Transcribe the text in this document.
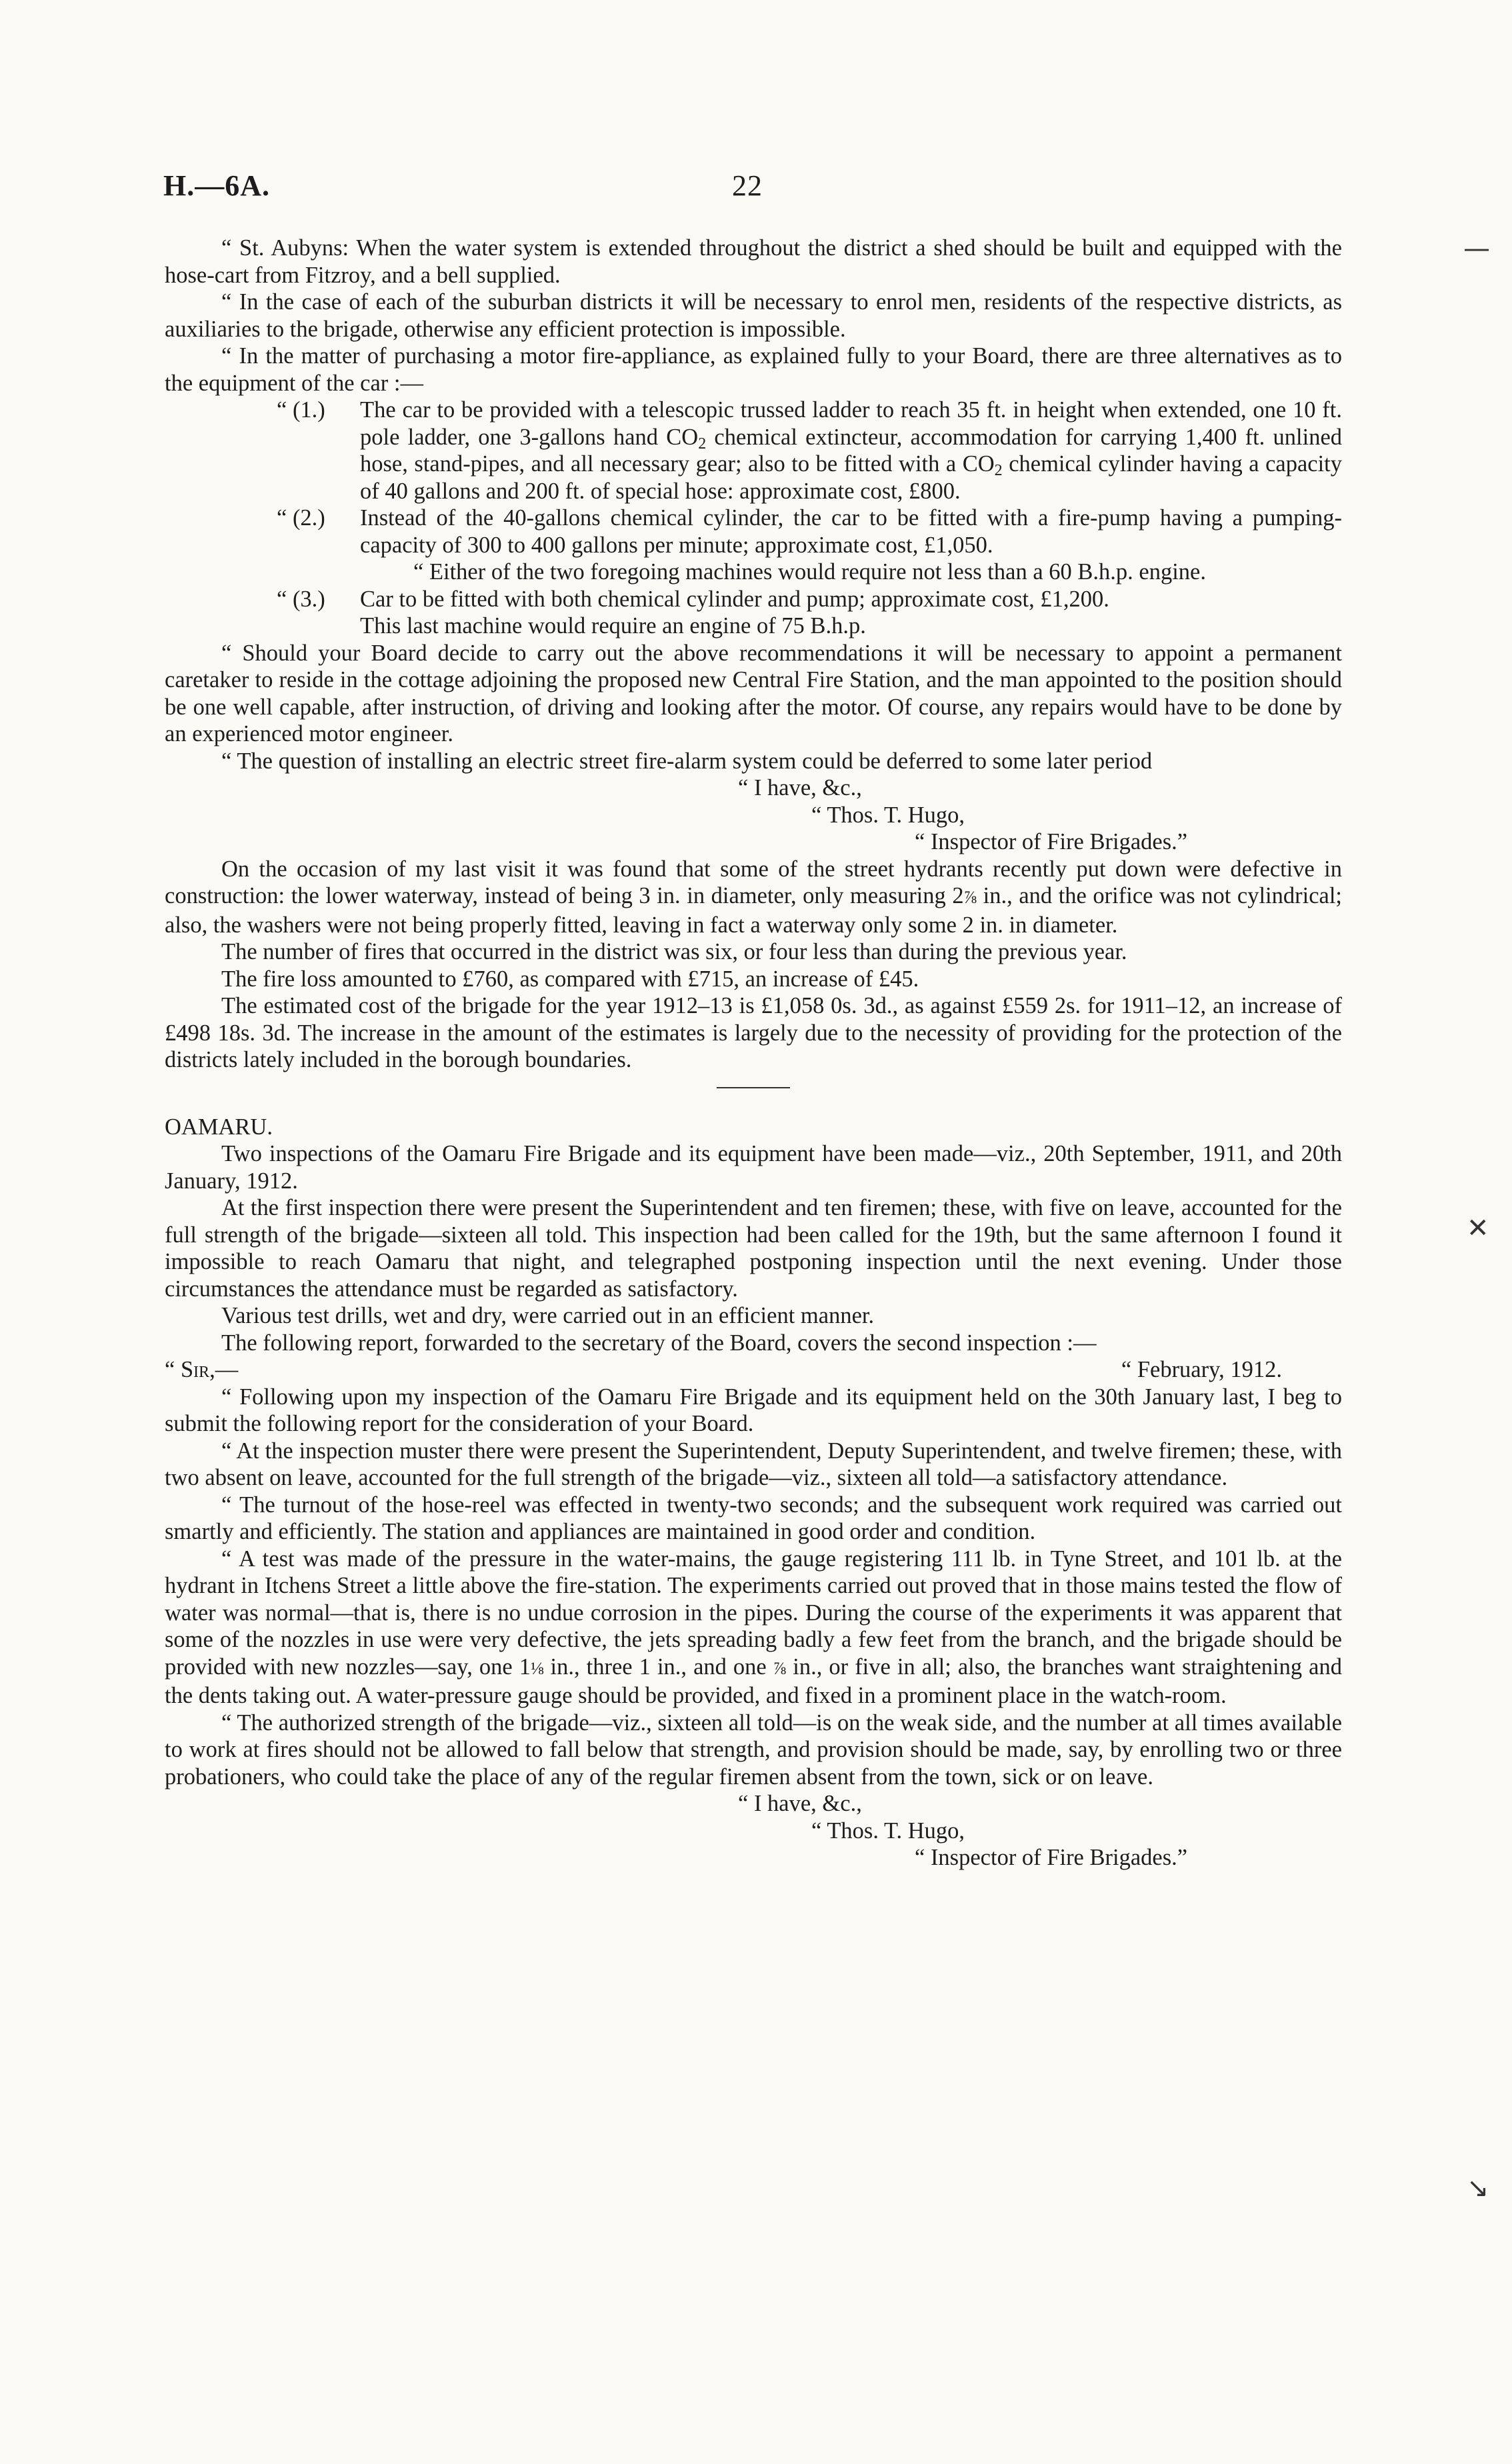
H.—6A.	22

“ St. Aubyns: When the water system is extended throughout the district a shed should be built and equipped with the hose-cart from Fitzroy, and a bell supplied.

“ In the case of each of the suburban districts it will be necessary to enrol men, residents of the respective districts, as auxiliaries to the brigade, otherwise any efficient protection is impossible.

“ In the matter of purchasing a motor fire-appliance, as explained fully to your Board, there are three alternatives as to the equipment of the car :—

“ (1.)	The car to be provided with a telescopic trussed ladder to reach 35 ft. in height when extended, one 10 ft. pole ladder, one 3-gallons hand $CO_2$ chemical extincteur, accommodation for carrying 1,400 ft. unlined hose, stand-pipes, and all necessary gear; also to be fitted with a $CO_2$ chemical cylinder having a capacity of 40 gallons and 200 ft. of special hose: approximate cost, £800.
“ (2.)	Instead of the 40-gallons chemical cylinder, the car to be fitted with a fire-pump having a pumping-capacity of 300 to 400 gallons per minute; approximate cost, £1,050.

“ Either of the two foregoing machines would require not less than a 60 B.h.p. engine.

“ (3.)	Car to be fitted with both chemical cylinder and pump; approximate cost, £1,200.

This last machine would require an engine of 75 B.h.p.

“ Should your Board decide to carry out the above recommendations it will be necessary to appoint a permanent caretaker to reside in the cottage adjoining the proposed new Central Fire Station, and the man appointed to the position should be one well capable, after instruction, of driving and looking after the motor. Of course, any repairs would have to be done by an experienced motor engineer.

“ The question of installing an electric street fire-alarm system could be deferred to some later period

“ I have, &c.,

“ Thos. T. Hugo,

“ Inspector of Fire Brigades.”

On the occasion of my last visit it was found that some of the street hydrants recently put down were defective in construction: the lower waterway, instead of being 3 in. in diameter, only measuring 2⅞ in., and the orifice was not cylindrical; also, the washers were not being properly fitted, leaving in fact a waterway only some 2 in. in diameter.

The number of fires that occurred in the district was six, or four less than during the previous year.

The fire loss amounted to £760, as compared with £715, an increase of £45.

The estimated cost of the brigade for the year 1912–13 is £1,058 0s. 3d., as against £559 2s. for 1911–12, an increase of £498 18s. 3d. The increase in the amount of the estimates is largely due to the necessity of providing for the protection of the districts lately included in the borough boundaries.

OAMARU.

Two inspections of the Oamaru Fire Brigade and its equipment have been made—viz., 20th September, 1911, and 20th January, 1912.

At the first inspection there were present the Superintendent and ten firemen; these, with five on leave, accounted for the full strength of the brigade—sixteen all told. This inspection had been called for the 19th, but the same afternoon I found it impossible to reach Oamaru that night, and telegraphed postponing inspection until the next evening. Under those circumstances the attendance must be regarded as satisfactory.

Various test drills, wet and dry, were carried out in an efficient manner.

The following report, forwarded to the secretary of the Board, covers the second inspection :—

“ Sir,—	“ February, 1912.

“ Following upon my inspection of the Oamaru Fire Brigade and its equipment held on the 30th January last, I beg to submit the following report for the consideration of your Board.

“ At the inspection muster there were present the Superintendent, Deputy Superintendent, and twelve firemen; these, with two absent on leave, accounted for the full strength of the brigade—viz., sixteen all told—a satisfactory attendance.

“ The turnout of the hose-reel was effected in twenty-two seconds; and the subsequent work required was carried out smartly and efficiently. The station and appliances are maintained in good order and condition.

“ A test was made of the pressure in the water-mains, the gauge registering 111 lb. in Tyne Street, and 101 lb. at the hydrant in Itchens Street a little above the fire-station. The experiments carried out proved that in those mains tested the flow of water was normal—that is, there is no undue corrosion in the pipes. During the course of the experiments it was apparent that some of the nozzles in use were very defective, the jets spreading badly a few feet from the branch, and the brigade should be provided with new nozzles—say, one 1⅛ in., three 1 in., and one ⅞ in., or five in all; also, the branches want straightening and the dents taking out. A water-pressure gauge should be provided, and fixed in a prominent place in the watch-room.

“ The authorized strength of the brigade—viz., sixteen all told—is on the weak side, and the number at all times available to work at fires should not be allowed to fall below that strength, and provision should be made, say, by enrolling two or three probationers, who could take the place of any of the regular firemen absent from the town, sick or on leave.

“ I have, &c.,

“ Thos. T. Hugo,

“ Inspector of Fire Brigades.”

—
✕
↘
